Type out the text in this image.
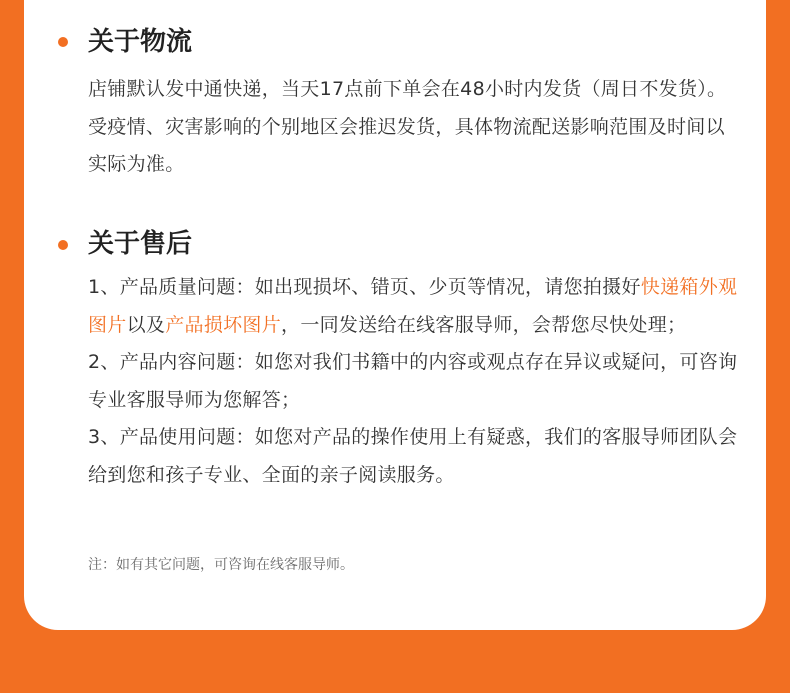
关于物流
店铺默认发中通快递，当天17点前下单会在48小时内发货（周日不发货）。受疫情、灾害影响的个别地区会推迟发货，具体物流配送影响范围及时间以实际为准。
关于售后
1、产品质量问题：如出现损坏、错页、少页等情况，请您拍摄好快递箱外观图片以及产品损坏图片，一同发送给在线客服导师，会帮您尽快处理；
2、产品内容问题：如您对我们书籍中的内容或观点存在异议或疑问，可咨询专业客服导师为您解答；
3、产品使用问题：如您对产品的操作使用上有疑惑，我们的客服导师团队会给到您和孩子专业、全面的亲子阅读服务。
注：如有其它问题，可咨询在线客服导师。
